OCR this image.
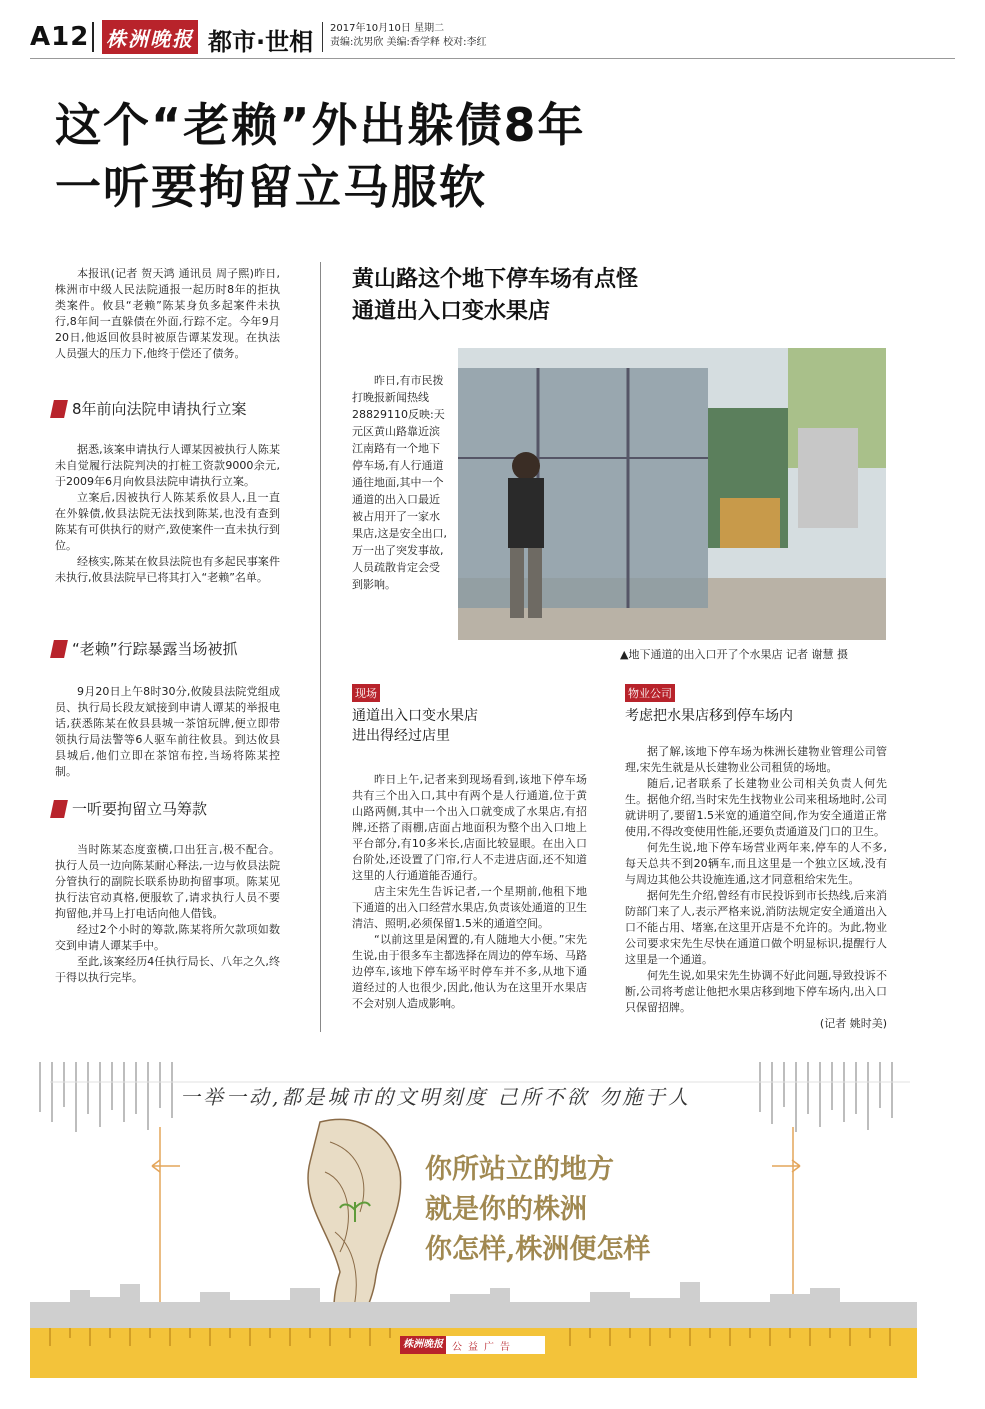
A12 株洲晚报 都市·世相 2017年10月10日 星期二
责编:沈男欣 美编:香学释 校对:李红
这个“老赖”外出躲债8年
一听要拘留立马服软

本报讯(记者 贺天鸿 通讯员 周子熙)昨日,株洲市中级人民法院通报一起历时8年的拒执类案件。攸县“老赖”陈某身负多起案件未执行,8年间一直躲债在外面,行踪不定。今年9月20日,他返回攸县时被原告谭某发现。在执法人员强大的压力下,他终于偿还了债务。

8年前向法院申请执行立案

据悉,该案申请执行人谭某因被执行人陈某未自觉履行法院判决的打桩工资款9000余元,于2009年6月向攸县法院申请执行立案。

立案后,因被执行人陈某系攸县人,且一直在外躲债,攸县法院无法找到陈某,也没有查到陈某有可供执行的财产,致使案件一直未执行到位。

经核实,陈某在攸县法院也有多起民事案件未执行,攸县法院早已将其打入“老赖”名单。

“老赖”行踪暴露当场被抓

9月20日上午8时30分,攸陵县法院党组成员、执行局长段友斌接到申请人谭某的举报电话,获悉陈某在攸县县城一茶馆玩牌,便立即带领执行局法警等6人驱车前往攸县。到达攸县县城后,他们立即在茶馆布控,当场将陈某控制。

一听要拘留立马筹款

当时陈某态度蛮横,口出狂言,极不配合。执行人员一边向陈某耐心释法,一边与攸县法院分管执行的副院长联系协助拘留事项。陈某见执行法官动真格,便服软了,请求执行人员不要拘留他,并马上打电话向他人借钱。

经过2个小时的筹款,陈某将所欠款项如数交到申请人谭某手中。

至此,该案经历4任执行局长、八年之久,终于得以执行完毕。

黄山路这个地下停车场有点怪
通道出入口变水果店

昨日,有市民拨打晚报新闻热线28829110反映:天元区黄山路靠近滨江南路有一个地下停车场,有人行通道通往地面,其中一个通道的出入口最近被占用开了一家水果店,这是安全出口,万一出了突发事故,人员疏散肯定会受到影响。

▲地下通道的出入口开了个水果店 记者 谢慧 摄
现场
通道出入口变水果店
进出得经过店里

昨日上午,记者来到现场看到,该地下停车场共有三个出入口,其中有两个是人行通道,位于黄山路两侧,其中一个出入口就变成了水果店,有招牌,还搭了雨棚,店面占地面积为整个出入口地上平台部分,有10多米长,店面比较显眼。在出入口台阶处,还设置了门帘,行人不走进店面,还不知道这里的人行通道能否通行。

店主宋先生告诉记者,一个星期前,他租下地下通道的出入口经营水果店,负责该处通道的卫生清洁、照明,必须保留1.5米的通道空间。

“以前这里是闲置的,有人随地大小便。”宋先生说,由于很多车主都选择在周边的停车场、马路边停车,该地下停车场平时停车并不多,从地下通道经过的人也很少,因此,他认为在这里开水果店不会对别人造成影响。

物业公司
考虑把水果店移到停车场内

据了解,该地下停车场为株洲长建物业管理公司管理,宋先生就是从长建物业公司租赁的场地。

随后,记者联系了长建物业公司相关负责人何先生。据他介绍,当时宋先生找物业公司来租场地时,公司就讲明了,要留1.5米宽的通道空间,作为安全通道正常使用,不得改变使用性能,还要负责通道及门口的卫生。

何先生说,地下停车场营业两年来,停车的人不多,每天总共不到20辆车,而且这里是一个独立区域,没有与周边其他公共设施连通,这才同意租给宋先生。

据何先生介绍,曾经有市民投诉到市长热线,后来消防部门来了人,表示严格来说,消防法规定安全通道出入口不能占用、堵塞,在这里开店是不允许的。为此,物业公司要求宋先生尽快在通道口做个明显标识,提醒行人这里是一个通道。

何先生说,如果宋先生协调不好此问题,导致投诉不断,公司将考虑让他把水果店移到地下停车场内,出入口只保留招牌。

(记者 姚时美)
一举一动,都是城市的文明刻度 己所不欲 勿施于人
你所站立的地方
就是你的株洲
你怎样,株洲便怎样
株洲晚报 公益广告
